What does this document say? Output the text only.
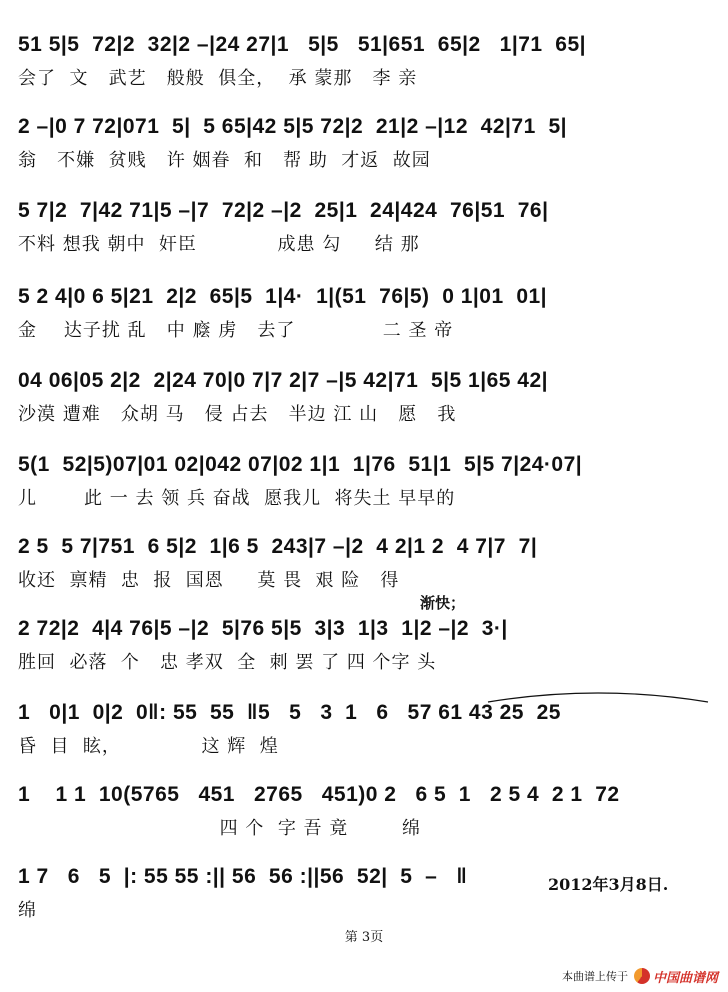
51 5|5  72|2  32|2 –|24 27|1   5|5   51|651  65|2   1|71  65|
会了  文   武艺   般般  俱全，  承 蒙那   李 亲
2 –|0 7 72|071  5|  5 65|42 5|5 72|2  21|2 –|12  42|71  5|
翁   不嫌  贫贱   许 姻眷  和   帮 助  才返  故园
5 7|2  7|42 71|5 –|7  72|2 –|2  25|1  24|424  76|51  76|
不料 想我 朝中  奸臣            成患 勾     结 那
5 2 4|0 6 5|21  2|2  65|5  1|4·  1|(51  76|5)  0 1|01  01|
金    达子扰 乱   中 廕 虏   去了             二 圣 帝
04 06|05 2|2  2|24 70|0 7|7 2|7 –|5 42|71  5|5 1|65 42|
沙漠 遭难   众胡 马   侵 占去   半边 江 山   愿   我
5(1  52|5)07|01 02|042 07|02 1|1  1|76  51|1  5|5 7|24·07|
儿       此 一 去 领 兵 奋战  愿我儿  将失土 早早的
2 5  5 7|751  6 5|2  1|6 5  243|7 –|2  4 2|1 2  4 7|7  7|
收还  禀精  忠  报  国恩     莫 畏  艰 险   得
渐快；
2 72|2  4|4 76|5 –|2  5|76 5|5  3|3  1|3  1|2 –|2  3·|
胜回  必落  个   忠 孝双  全  刺 罢 了 四 个字 头
1   0|1  0|2  0‖: 55  55  ‖5   5   3  1   6   57 61 43 25  25
昏  目  眩，            这 辉  煌
1    1 1  10(5765   451   2765   451)0 2   6 5  1   2 5 4  2 1  72
四 个  字 吾 竟        绵
1 7   6   5  |: 55 55 :|| 56  56 :||56  52|  5  –   ‖
绵
2012年3月8日.
第 3页
本曲谱上传于 中国曲谱网
